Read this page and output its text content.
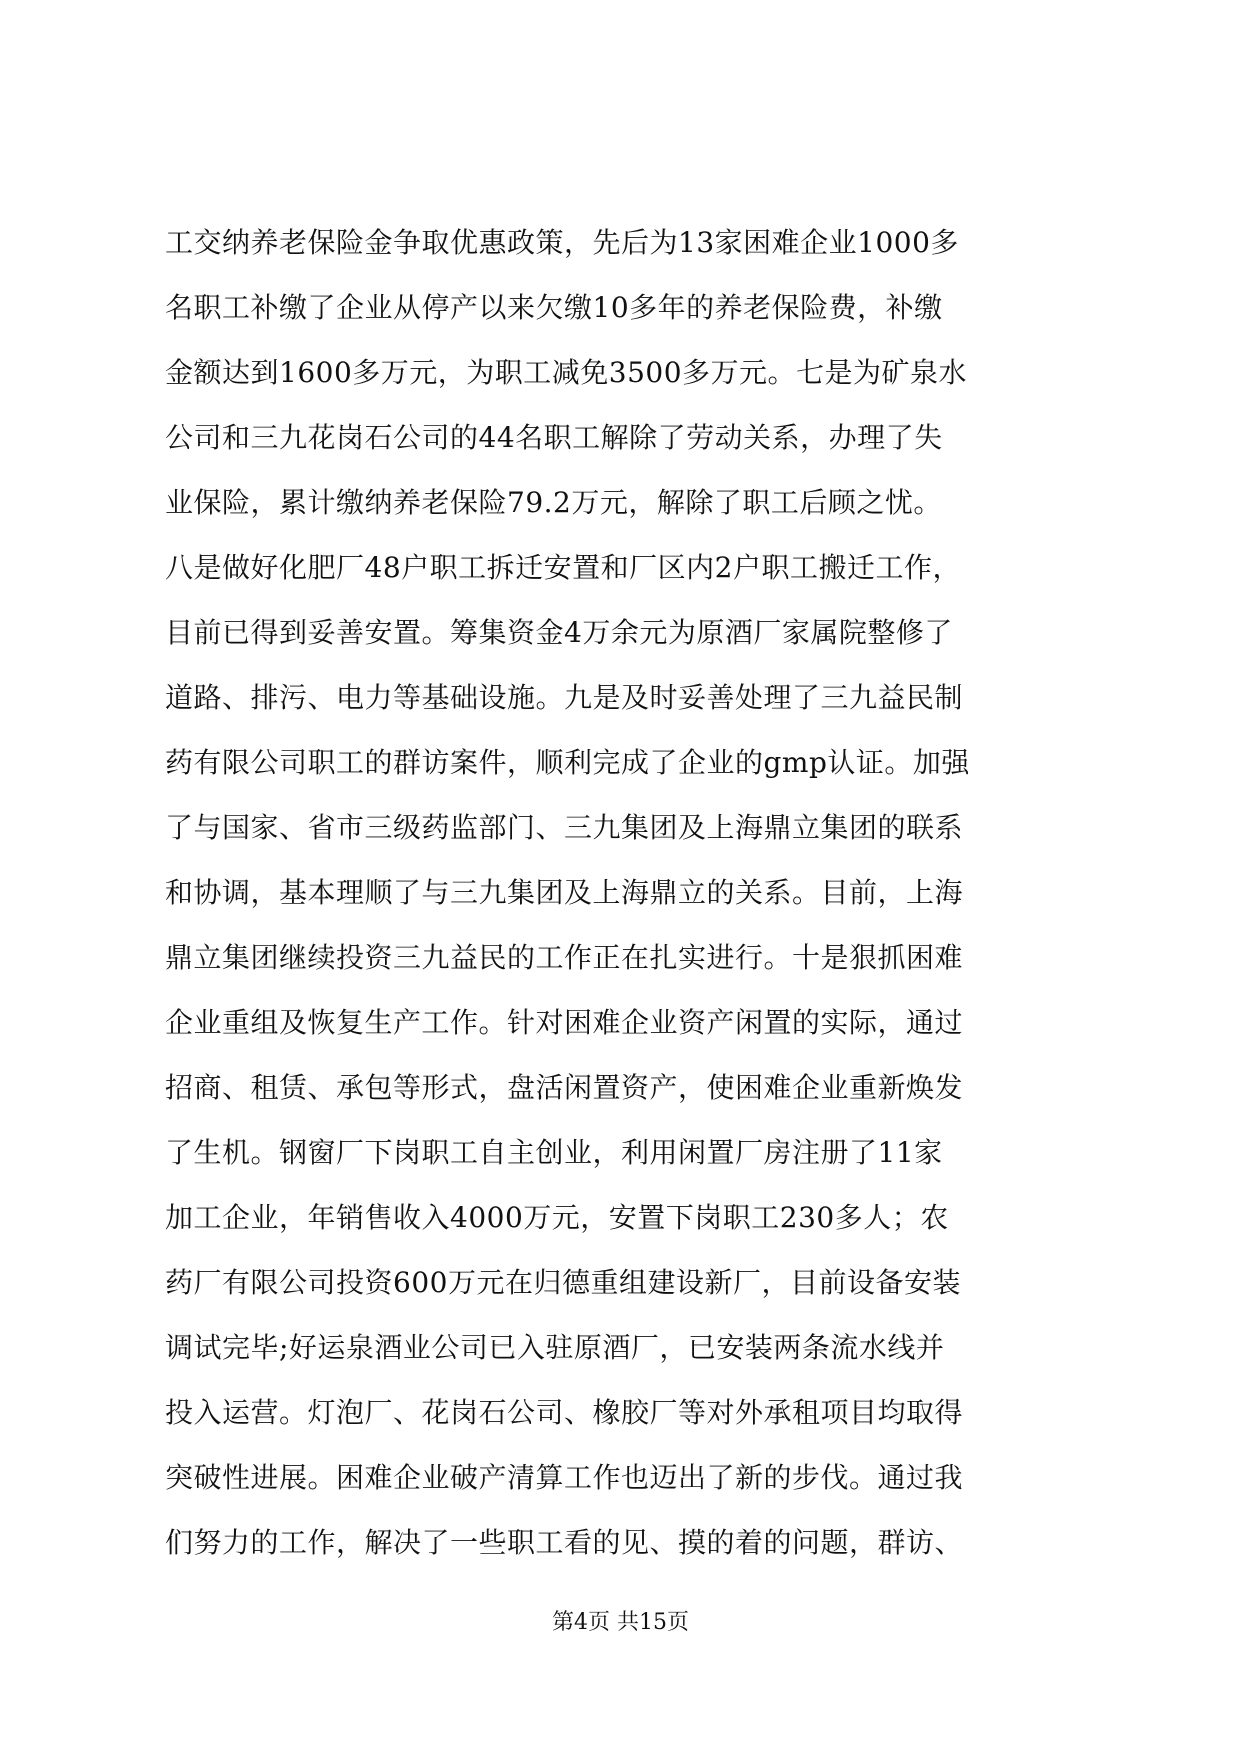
工交纳养老保险金争取优惠政策，先后为13家困难企业1000多
名职工补缴了企业从停产以来欠缴10多年的养老保险费，补缴
金额达到1600多万元，为职工减免3500多万元。七是为矿泉水
公司和三九花岗石公司的44名职工解除了劳动关系，办理了失
业保险，累计缴纳养老保险79.2万元，解除了职工后顾之忧。
八是做好化肥厂48户职工拆迁安置和厂区内2户职工搬迁工作，
目前已得到妥善安置。筹集资金4万余元为原酒厂家属院整修了
道路、排污、电力等基础设施。九是及时妥善处理了三九益民制
药有限公司职工的群访案件，顺利完成了企业的gmp认证。加强
了与国家、省市三级药监部门、三九集团及上海鼎立集团的联系
和协调，基本理顺了与三九集团及上海鼎立的关系。目前，上海
鼎立集团继续投资三九益民的工作正在扎实进行。十是狠抓困难
企业重组及恢复生产工作。针对困难企业资产闲置的实际，通过
招商、租赁、承包等形式，盘活闲置资产，使困难企业重新焕发
了生机。钢窗厂下岗职工自主创业，利用闲置厂房注册了11家
加工企业，年销售收入4000万元，安置下岗职工230多人；农
药厂有限公司投资600万元在归德重组建设新厂，目前设备安装
调试完毕;好运泉酒业公司已入驻原酒厂，已安装两条流水线并
投入运营。灯泡厂、花岗石公司、橡胶厂等对外承租项目均取得
突破性进展。困难企业破产清算工作也迈出了新的步伐。通过我
们努力的工作，解决了一些职工看的见、摸的着的问题，群访、
第4页 共15页
